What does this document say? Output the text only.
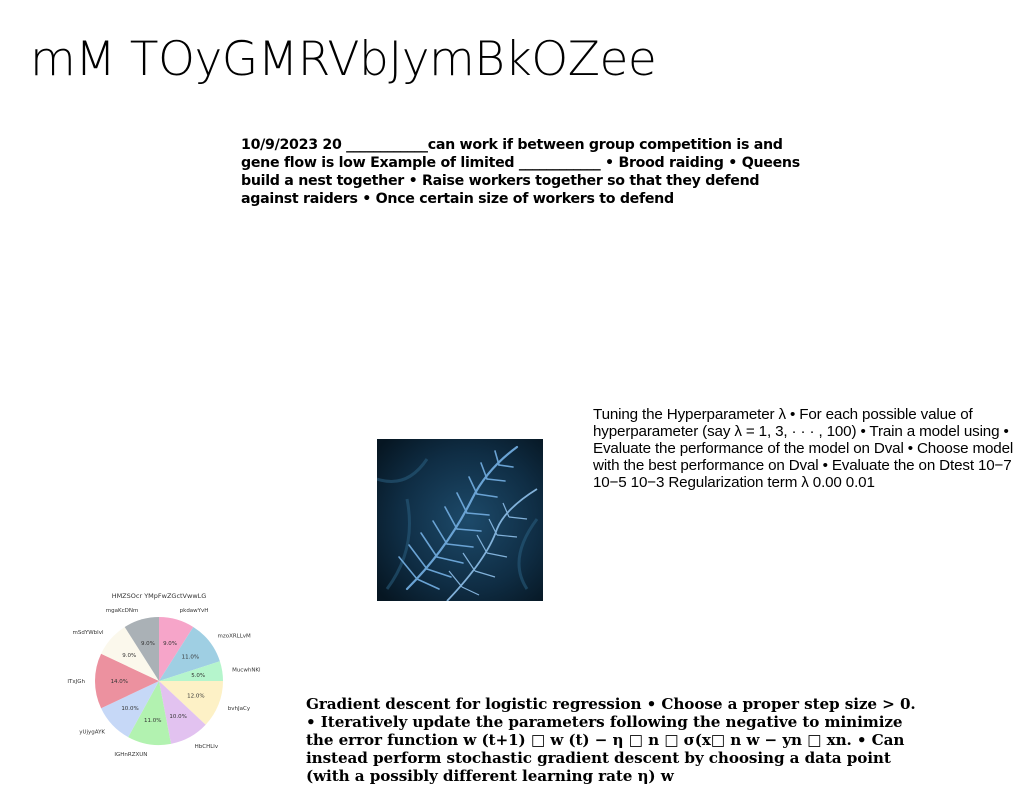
mM TOyGMRVbJymBkOZee
10/9/2023 20 ____________can work if between group competition is and gene flow is low Example of limited ____________ • Brood raiding • Queens build a nest together • Raise workers together so that they defend against raiders • Once certain size of workers to defend
Tuning the Hyperparameter λ • For each possible value of hyperparameter (say λ = 1, 3, · · · , 100) • Train a model using • Evaluate the performance of the model on Dval • Choose model with the best performance on Dval • Evaluate the on Dtest 10−7 10−5 10−3 Regularization term λ 0.00 0.01
HMZSOcr YMpFwZGctVwwLG
9.0%
11.0%
5.0%
12.0%
10.0%
11.0%
10.0%
14.0%
9.0%
9.0%
pkdawYvH
mzoXRLLvM
MucwhNKl
bvhJaCy
HbCHLlv
IGHnRZXUN
yUjygAYK
ITxJGh
mSdYWblvl
mgaKcDNm
Gradient descent for logistic regression • Choose a proper step size > 0. • Iteratively update the parameters following the negative to minimize the error function w (t+1) □ w (t) − η □ n □ σ(x□ n w − yn □ xn. • Can instead perform stochastic gradient descent by choosing a data point (with a possibly different learning rate η) w
